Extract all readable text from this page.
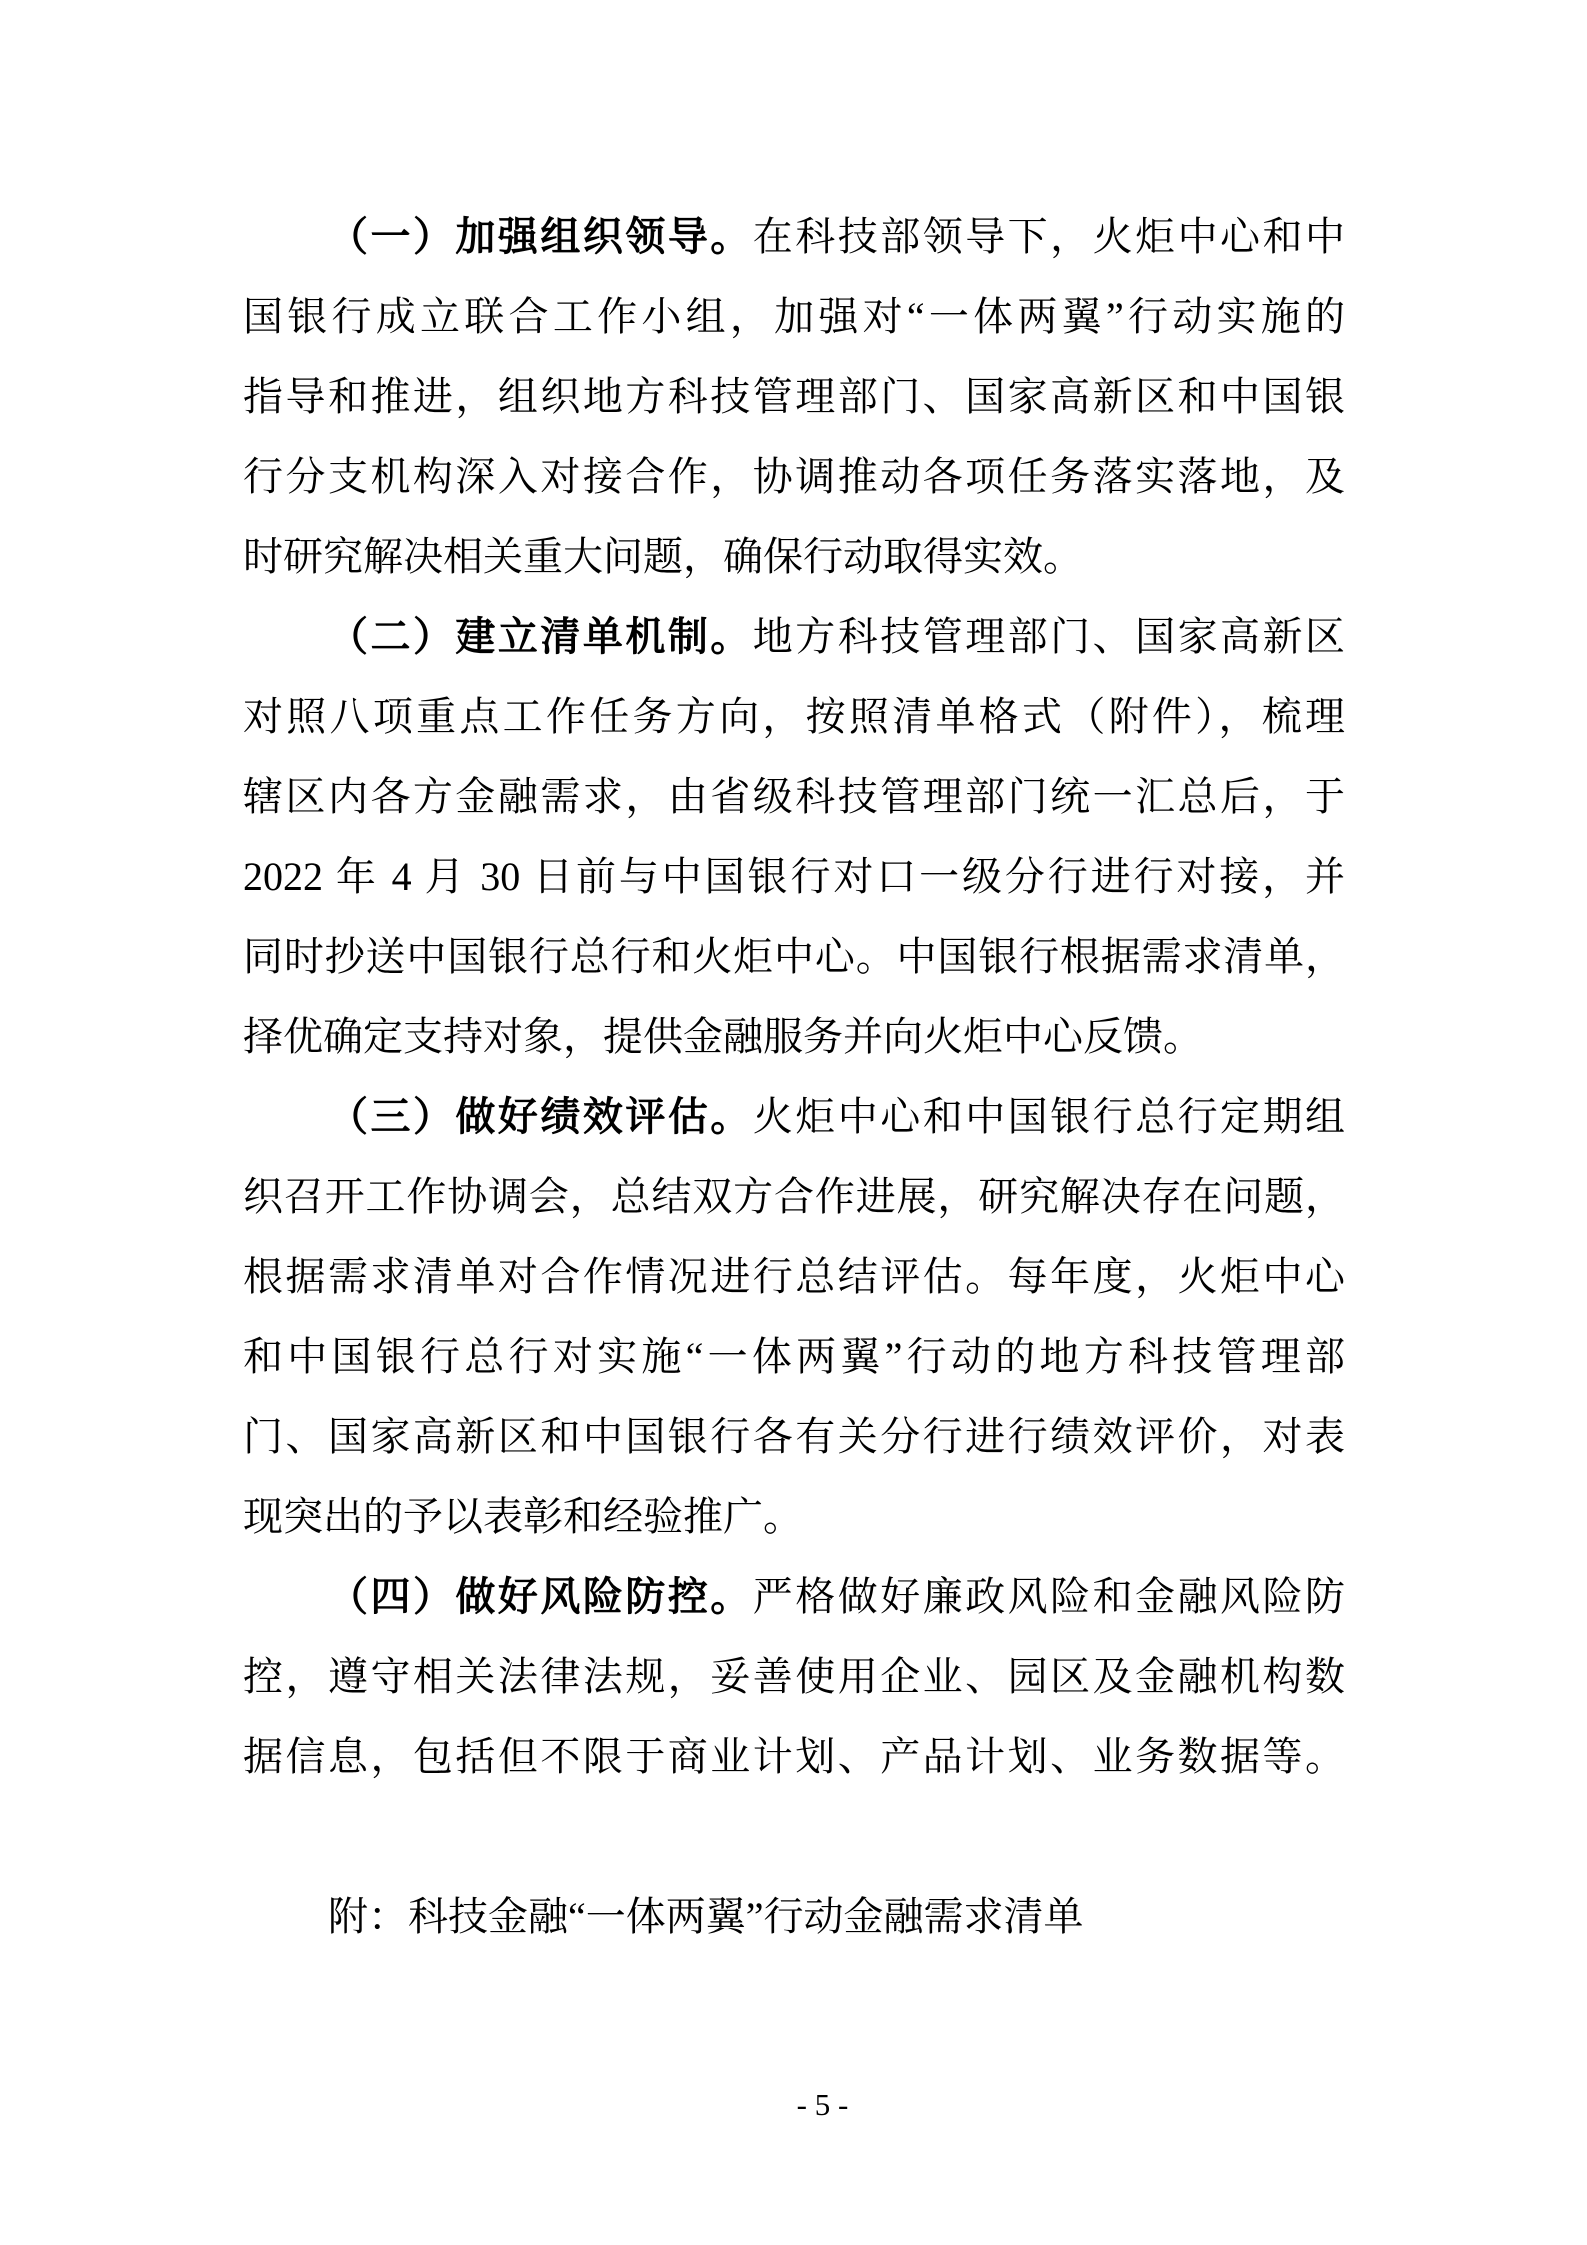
（一）加强组织领导。在科技部领导下，火炬中心和中
国银行成立联合工作小组，加强对“一体两翼”行动实施的
指导和推进，组织地方科技管理部门、国家高新区和中国银
行分支机构深入对接合作，协调推动各项任务落实落地，及
时研究解决相关重大问题，确保行动取得实效。
（二）建立清单机制。地方科技管理部门、国家高新区
对照八项重点工作任务方向，按照清单格式（附件），梳理
辖区内各方金融需求，由省级科技管理部门统一汇总后，于
2022 年 4 月 30 日前与中国银行对口一级分行进行对接，并
同时抄送中国银行总行和火炬中心。中国银行根据需求清单，
择优确定支持对象，提供金融服务并向火炬中心反馈。
（三）做好绩效评估。火炬中心和中国银行总行定期组
织召开工作协调会，总结双方合作进展，研究解决存在问题，
根据需求清单对合作情况进行总结评估。每年度，火炬中心
和中国银行总行对实施“一体两翼”行动的地方科技管理部
门、国家高新区和中国银行各有关分行进行绩效评价，对表
现突出的予以表彰和经验推广。
（四）做好风险防控。严格做好廉政风险和金融风险防
控，遵守相关法律法规，妥善使用企业、园区及金融机构数
据信息，包括但不限于商业计划、产品计划、业务数据等。
附：科技金融“一体两翼”行动金融需求清单
- 5 -
